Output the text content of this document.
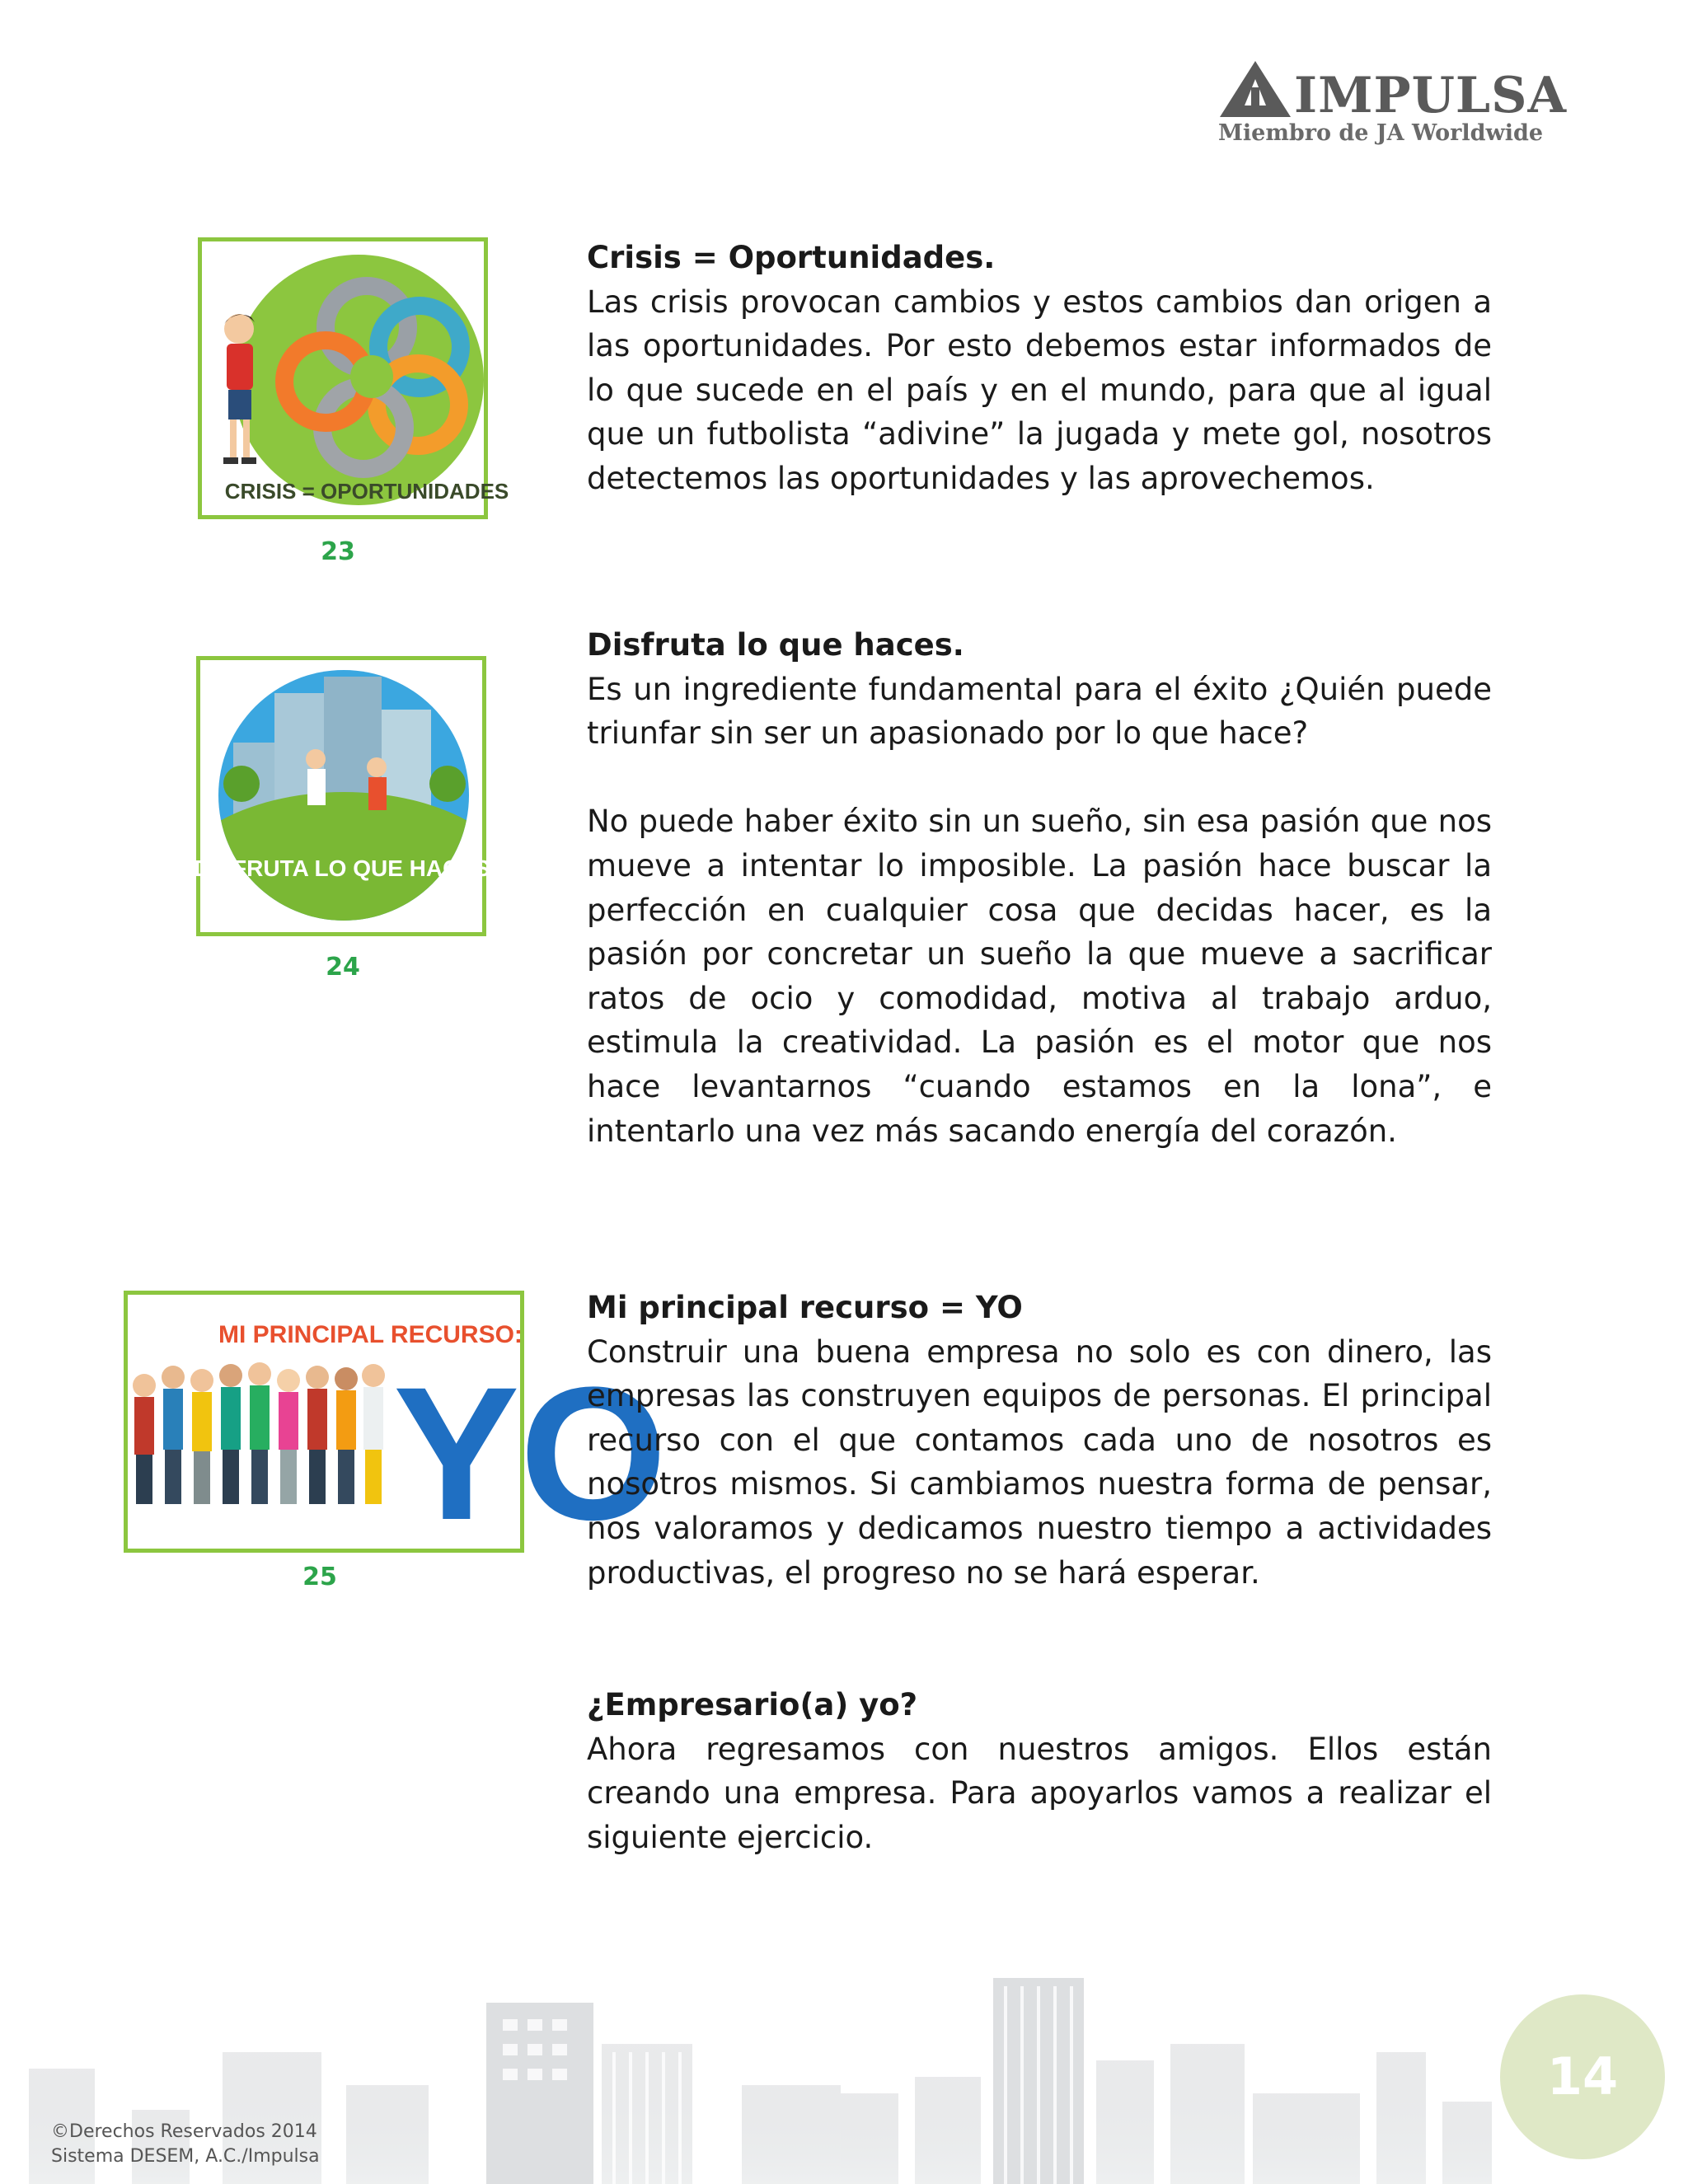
IMPULSA
Miembro de JA Worldwide
CRISIS = OPORTUNIDADES
23
Crisis = Oportunidades.
Las crisis provocan cambios y estos cambios dan origen a las oportunidades. Por esto debemos estar informados de lo que sucede en el país y en el mundo, para que al igual que un futbolista “adivine” la jugada y mete gol, nosotros detectemos las oportunidades y las aprovechemos.
DISFRUTA LO QUE HACES
24
Disfruta lo que haces.
Es un ingrediente fundamental para el éxito ¿Quién puede triunfar sin ser un apasionado por lo que hace?
No puede haber éxito sin un sueño, sin esa pasión que nos mueve a intentar lo imposible. La pasión hace buscar la perfección en cualquier cosa que decidas hacer, es la pasión por concretar un sueño la que mueve a sacrificar ratos de ocio y comodidad, motiva al trabajo arduo, estimula la creatividad. La pasión es el motor que nos hace levantarnos “cuando estamos en la lona”, e intentarlo una vez más sacando energía del corazón.
MI PRINCIPAL RECURSO:
YO
25
Mi principal recurso = YO
Construir una buena empresa no solo es con dinero, las empresas las construyen equipos de personas. El principal recurso con el que contamos cada uno de nosotros es nosotros mismos. Si cambiamos nuestra forma de pensar, nos valoramos y dedicamos nuestro tiempo a actividades productivas, el progreso no se hará esperar.
¿Empresario(a) yo?
Ahora regresamos con nuestros amigos. Ellos están creando una empresa. Para apoyarlos vamos a realizar el siguiente ejercicio.
©Derechos Reservados 2014
Sistema DESEM, A.C./Impulsa
14
